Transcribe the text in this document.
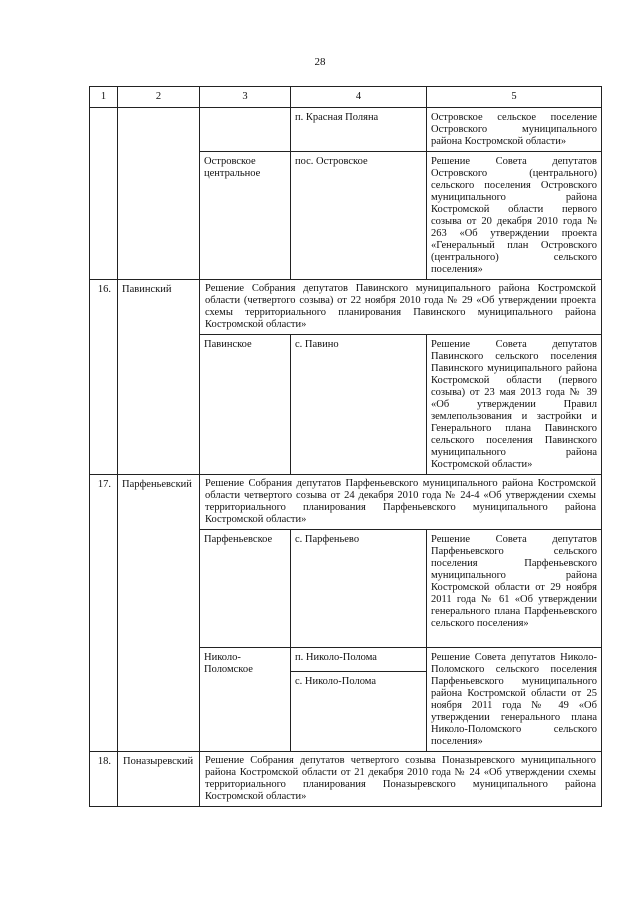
28
1	2	3	4	5
			п. Красная Поляна	Островское сельское поселение Островского муниципального района Костромской области»
		Островское центральное	пос. Островское	Решение Совета депутатов Островского (центрального) сельского поселения Островского муниципального района Костромской области первого созыва от 20 декабря 2010 года № 263 «Об утверждении проекта «Генеральный план Островского (центрального) сельского поселения»
16.	Павинский	Решение Собрания депутатов Павинского муниципального района Костромской области (четвертого созыва) от 22 ноября 2010 года № 29 «Об утверждении проекта схемы территориального планирования Павинского муниципального района Костромской области»		
		Павинское	с. Павино	Решение Совета депутатов Павинского сельского поселения Павинского муниципального района Костромской области (первого созыва) от 23 мая 2013 года № 39 «Об утверждении Правил землепользования и застройки и Генерального плана Павинского сельского поселения Павинского муниципального района Костромской области»
17.	Парфеньевский	Решение Собрания депутатов Парфеньевского муниципального района Костромской области четвертого созыва от 24 декабря 2010 года № 24-4 «Об утверждении схемы территориального планирования Парфеньевского муниципального района Костромской области»		
		Парфеньевское	с. Парфеньево	Решение Совета депутатов Парфеньевского сельского поселения Парфеньевского муниципального района Костромской области от 29 ноября 2011 года № 61 «Об утверждении генерального плана Парфеньевского сельского поселения»
		Николо-Поломское	п. Николо-Полома	Решение Совета депутатов Николо-Поломского сельского поселения Парфеньевского муниципального района Костромской области от 25 ноября 2011 года № 49 «Об утверждении генерального плана Николо-Поломского сельского поселения»
			с. Николо-Полома	
18.	Поназыревский	Решение Собрания депутатов четвертого созыва Поназыревского муниципального района Костромской области от 21 декабря 2010 года № 24 «Об утверждении схемы территориального планирования Поназыревского муниципального района Костромской области»		
